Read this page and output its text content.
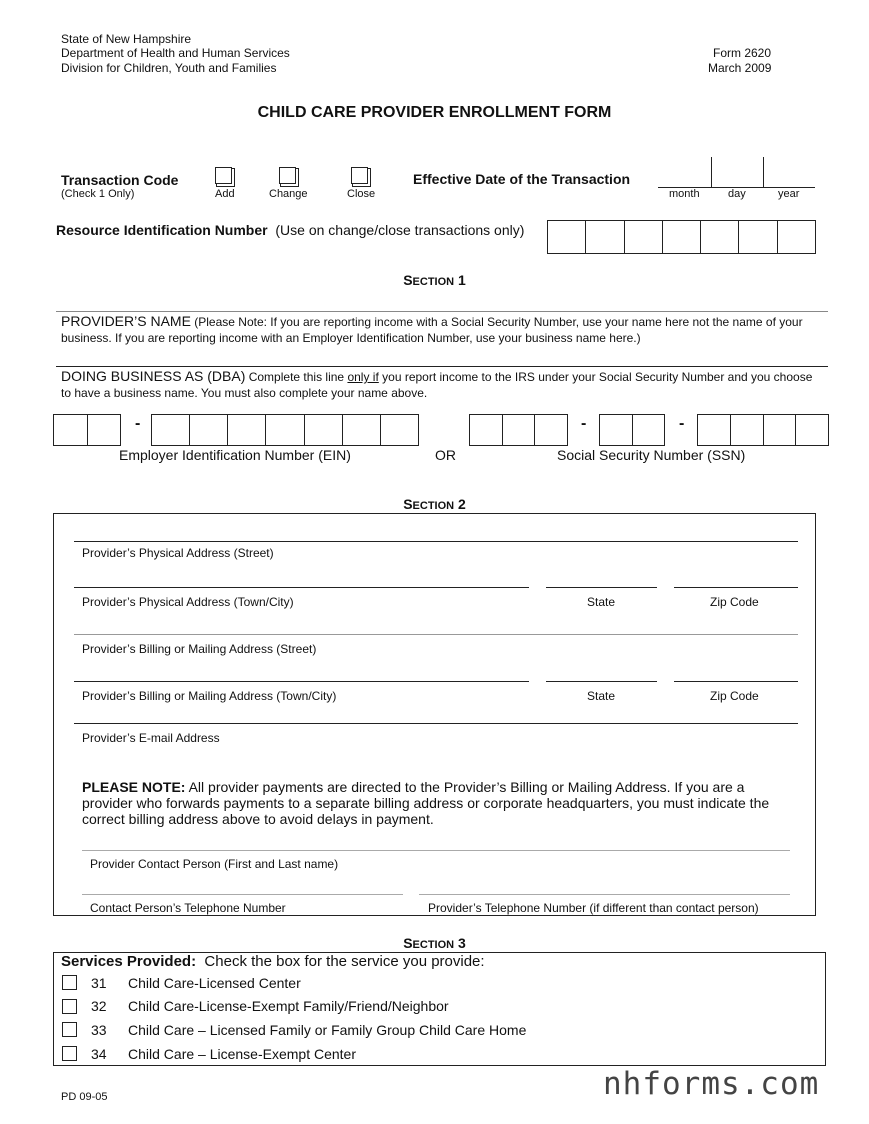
State of New Hampshire
Department of Health and Human Services
Division for Children, Youth and Families
Form 2620
March 2009
CHILD CARE PROVIDER ENROLLMENT FORM
Transaction Code
(Check 1 Only)	Add	Change	Close
Effective Date of the Transaction
month	day	year
Resource Identification Number (Use on change/close transactions only)
SECTION 1
PROVIDER’S NAME (Please Note: If you are reporting income with a Social Security Number, use your name here not the name of your business. If you are reporting income with an Employer Identification Number, use your business name here.)
DOING BUSINESS AS (DBA) Complete this line only if you report income to the IRS under your Social Security Number and you choose to have a business name. You must also complete your name above.
-
Employer Identification Number (EIN)	OR
-	-
Social Security Number (SSN)
SECTION 2
Provider’s Physical Address (Street)
Provider’s Physical Address (Town/City)	State	Zip Code
Provider’s Billing or Mailing Address (Street)
Provider’s Billing or Mailing Address (Town/City)	State	Zip Code
Provider’s E-mail Address
PLEASE NOTE: All provider payments are directed to the Provider’s Billing or Mailing Address. If you are a provider who forwards payments to a separate billing address or corporate headquarters, you must indicate the correct billing address above to avoid delays in payment.
Provider Contact Person (First and Last name)
Contact Person’s Telephone Number	Provider’s Telephone Number (if different than contact person)
SECTION 3
Services Provided: Check the box for the service you provide:
31 Child Care-Licensed Center
32 Child Care-License-Exempt Family/Friend/Neighbor
33 Child Care – Licensed Family or Family Group Child Care Home
34 Child Care – License-Exempt Center
PD 09-05	nhforms.com
